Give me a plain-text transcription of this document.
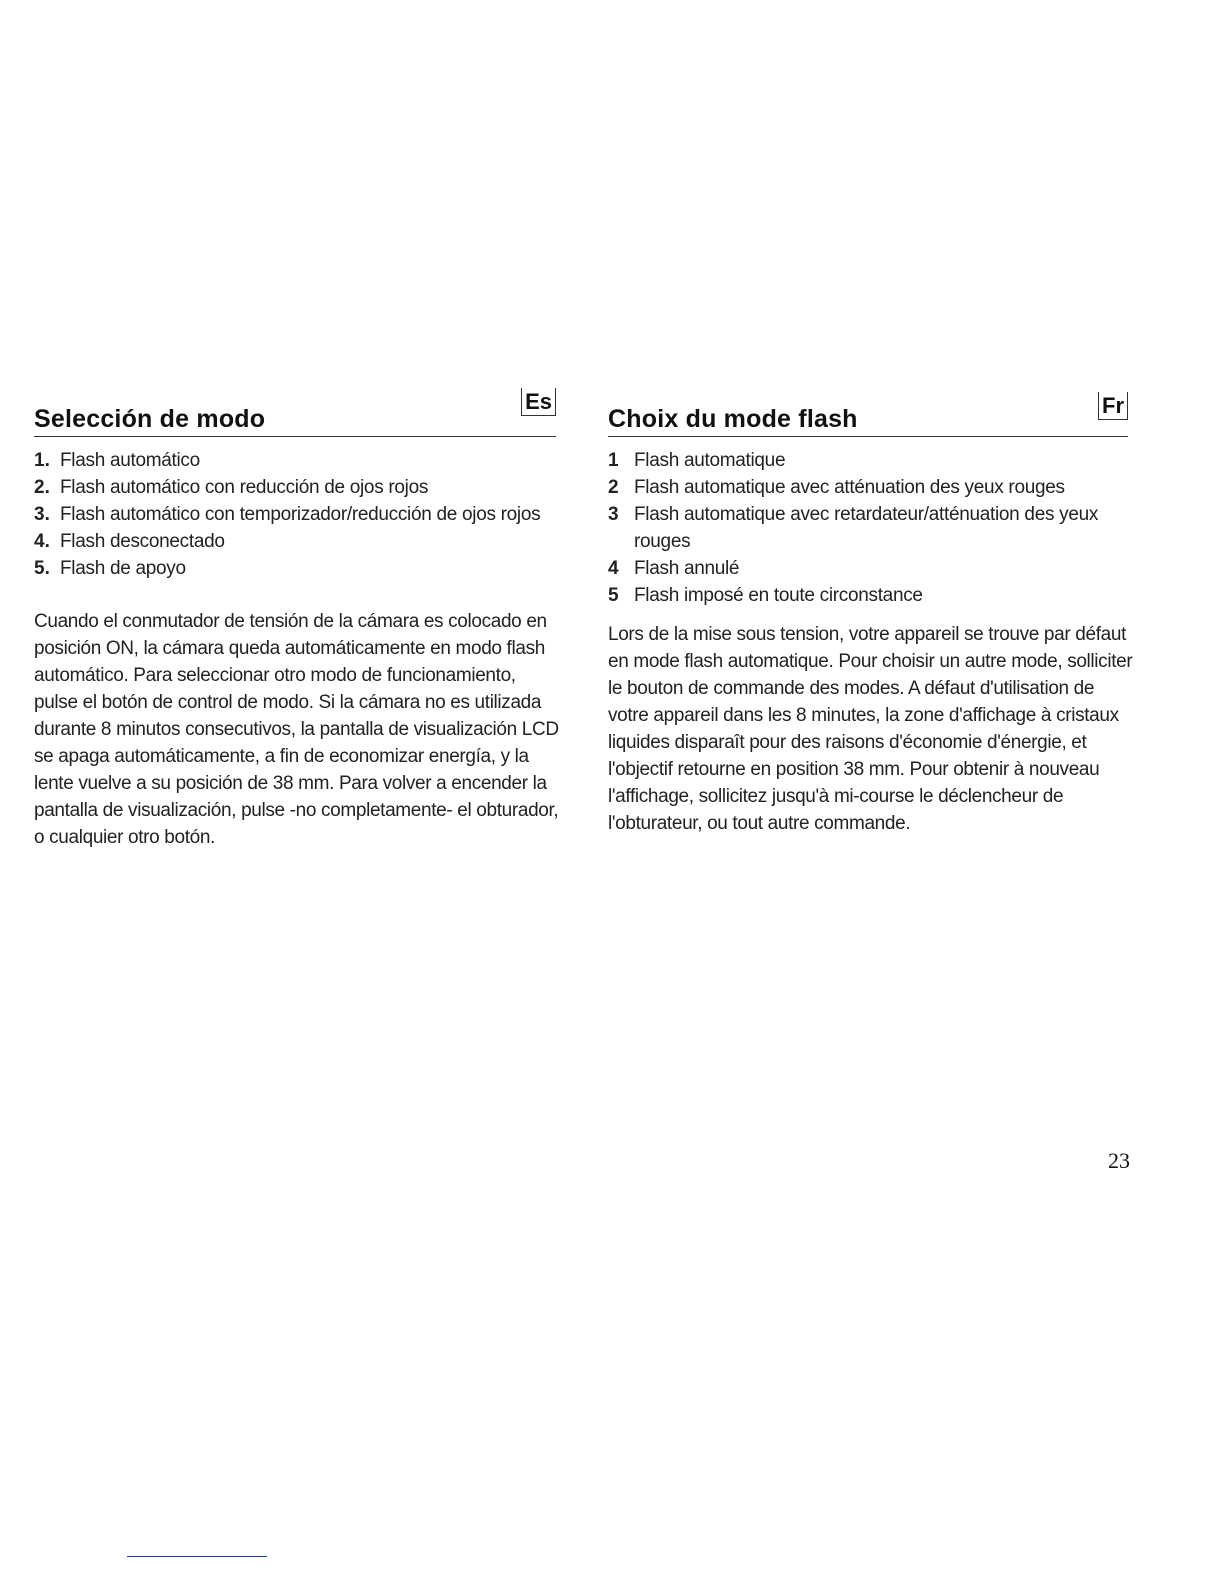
Selección de modo
Es
1. Flash automático
2. Flash automático con reducción de ojos rojos
3. Flash automático con temporizador/reducción de ojos rojos
4. Flash desconectado
5. Flash de apoyo

Cuando el conmutador de tensión de la cámara es colocado en posición ON, la cámara queda automáticamente en modo flash automático. Para seleccionar otro modo de funcionamiento, pulse el botón de control de modo. Si la cámara no es utilizada durante 8 minutos consecutivos, la pantalla de visualización LCD se apaga automáticamente, a fin de economizar energía, y la lente vuelve a su posición de 38 mm. Para volver a encender la pantalla de visualización, pulse -no completamente- el obturador, o cualquier otro botón.

Choix du mode flash	Fr
1 Flash automatique
2 Flash automatique avec atténuation des yeux rouges
3 Flash automatique avec retardateur/atténuation des yeux rouges
4 Flash annulé
5 Flash imposé en toute circonstance

Lors de la mise sous tension, votre appareil se trouve par défaut en mode flash automatique. Pour choisir un autre mode, solliciter le bouton de commande des modes. A défaut d'utilisation de votre appareil dans les 8 minutes, la zone d'affichage à cristaux liquides disparaît pour des raisons d'économie d'énergie, et l'objectif retourne en position 38 mm. Pour obtenir à nouveau l'affichage, sollicitez jusqu'à mi-course le déclencheur de l'obturateur, ou tout autre commande.

23
